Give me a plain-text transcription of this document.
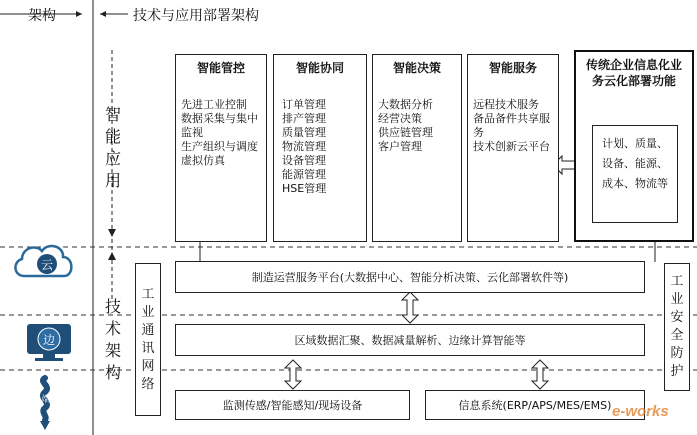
架构	技术与应用部署架构
智能应用
技术架构
云
边
端
智能管控
先进工业控制
数据采集与集中
监视
生产组织与调度
虚拟仿真
智能协同
订单管理
排产管理
质量管理
物流管理
设备管理
能源管理
HSE管理
智能决策
大数据分析
经营决策
供应链管理
客户管理
智能服务
远程技术服务
备品备件共享服务
技术创新云平台
传统企业信息化业务云化部署功能
计划、质量、
设备、能源、
成本、物流等
制造运营服务平台(大数据中心、智能分析决策、云化部署软件等)
区域数据汇聚、数据减量解析、边缘计算智能等
监测传感/智能感知/现场设备	信息系统(ERP/APS/MES/EMS)
工业通讯网络
工业安全防护
e-works
